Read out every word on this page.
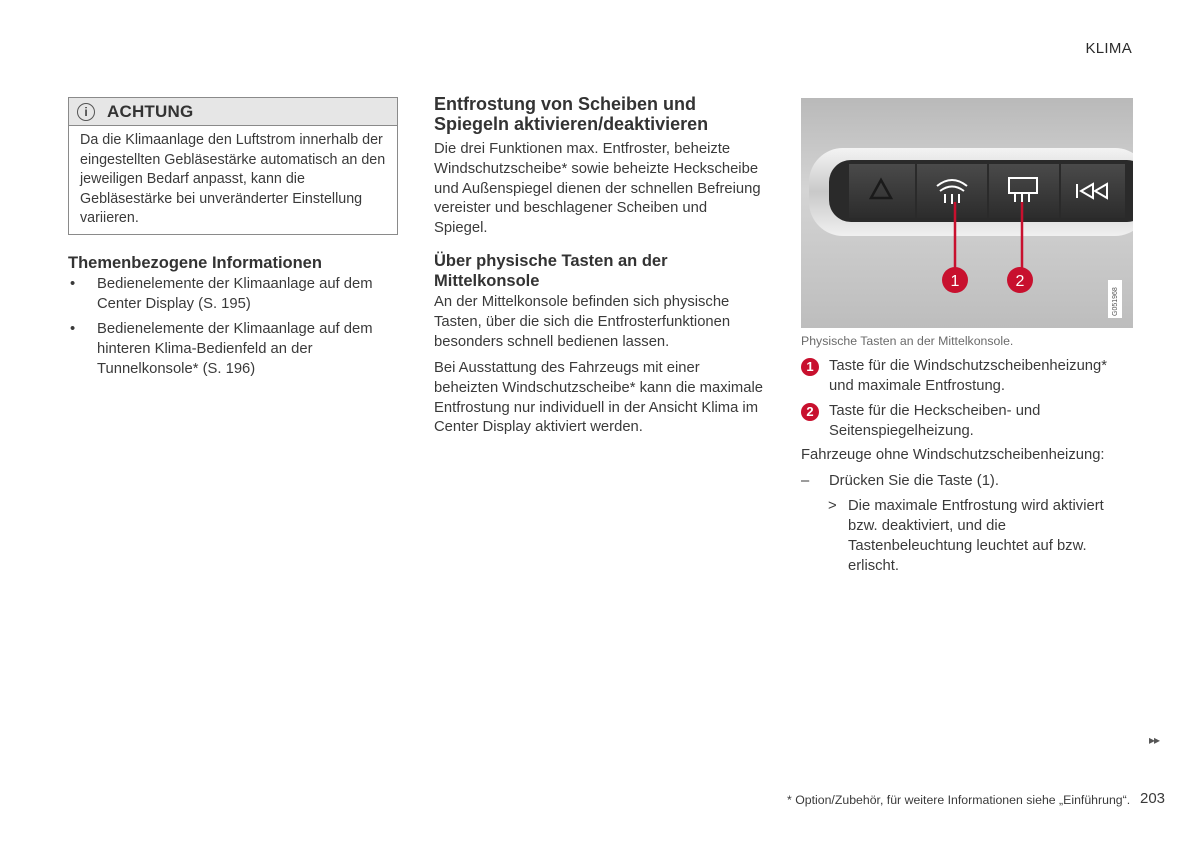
KLIMA
i	ACHTUNG
Da die Klimaanlage den Luftstrom innerhalb der eingestellten Gebläsestärke automatisch an den jeweiligen Bedarf anpasst, kann die Gebläsestärke bei unveränderter Einstellung variieren.
Themenbezogene Informationen
• Bedienelemente der Klimaanlage auf dem Center Display (S. 195)
• Bedienelemente der Klimaanlage auf dem hinteren Klima-Bedienfeld an der Tunnelkonsole* (S. 196)
Entfrostung von Scheiben und Spiegeln aktivieren/deaktivieren
Die drei Funktionen max. Entfroster, beheizte Windschutzscheibe* sowie beheizte Heckscheibe und Außenspiegel dienen der schnellen Befreiung vereister und beschlagener Scheiben und Spiegel.
Über physische Tasten an der Mittelkonsole
An der Mittelkonsole befinden sich physische Tasten, über die sich die Entfrosterfunktionen besonders schnell bedienen lassen.
Bei Ausstattung des Fahrzeugs mit einer beheizten Windschutzscheibe* kann die maximale Entfrostung nur individuell in der Ansicht Klima im Center Display aktiviert werden.
1	2
G051968
Physische Tasten an der Mittelkonsole.
1	Taste für die Windschutzscheibenheizung* und maximale Entfrostung.
2	Taste für die Heckscheiben- und Seitenspiegelheizung.
Fahrzeuge ohne Windschutzscheibenheizung:
–	Drücken Sie die Taste (1).
> Die maximale Entfrostung wird aktiviert bzw. deaktiviert, und die Tastenbeleuchtung leuchtet auf bzw. erlischt.
▸▸
* Option/Zubehör, für weitere Informationen siehe „Einführung“. 203
